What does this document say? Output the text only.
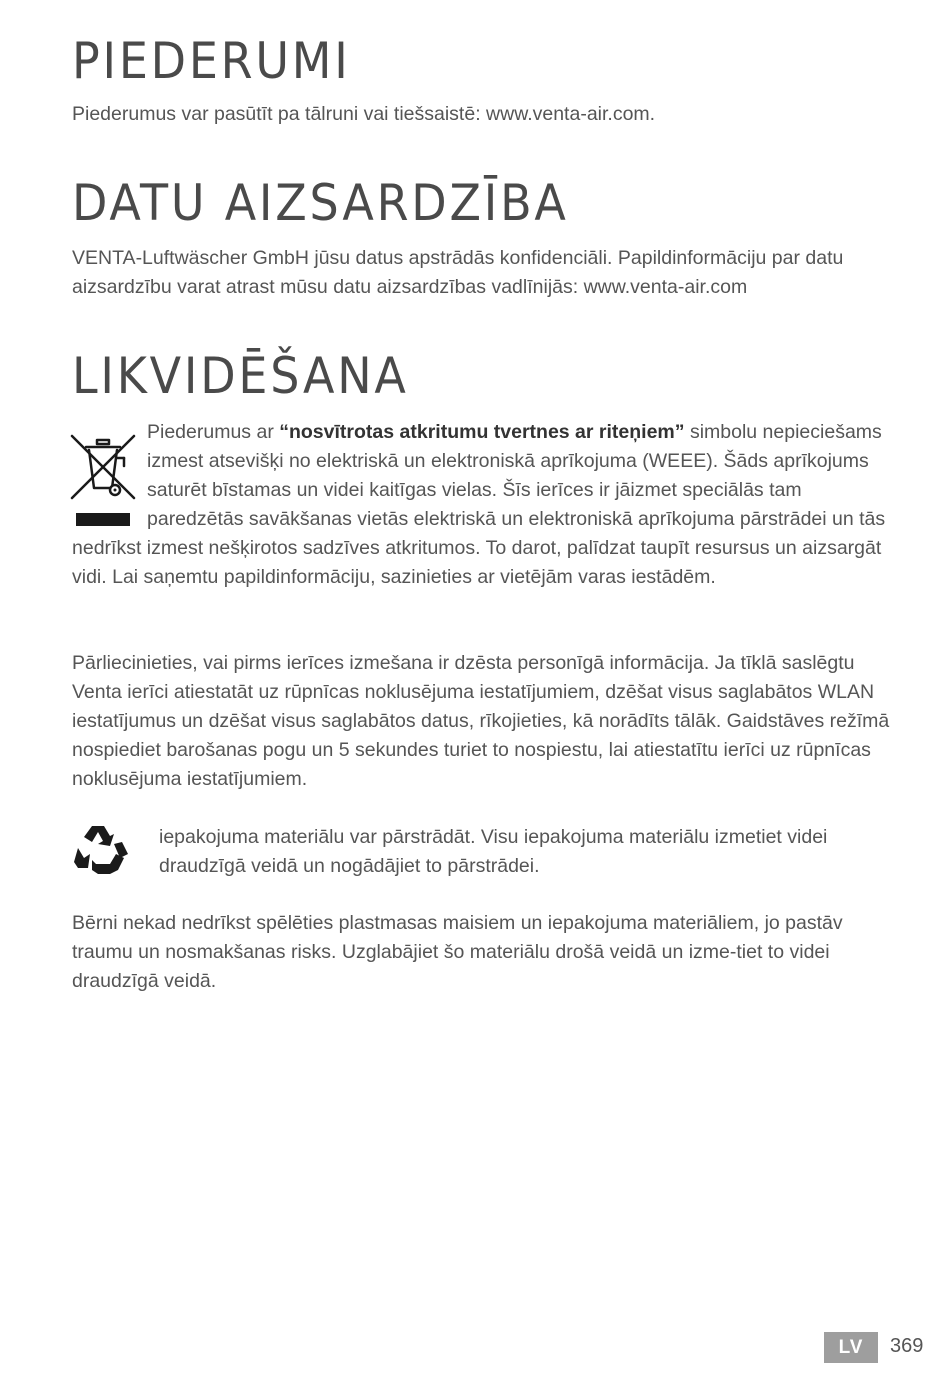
PIEDERUMI

Piederumus var pasūtīt pa tālruni vai tiešsaistē: www.venta-air.com.

DATU AIZSARDZĪBA

VENTA-Luftwäscher GmbH jūsu datus apstrādās konfidenciāli. Papildinformāciju par datu aizsardzību varat atrast mūsu datu aizsardzības vadlīnijās: www.venta-air.com

LIKVIDĒŠANA

Piederumus ar “nosvītrotas atkritumu tvertnes ar riteņiem” simbolu nepieciešams izmest atsevišķi no elektriskā un elektroniskā aprīkojuma (WEEE). Šāds aprīkojums saturēt bīstamas un videi kaitīgas vielas. Šīs ierīces ir jāizmet speciālās tam paredzētās savākšanas vietās elektriskā un elektroniskā aprīkojuma pārstrādei un tās nedrīkst izmest nešķirotos sadzīves atkritumos. To darot, palīdzat taupīt resursus un aizsargāt vidi. Lai saņemtu papildinformāciju, sazinieties ar vietējām varas iestādēm.

Pārliecinieties, vai pirms ierīces izmešana ir dzēsta personīgā informācija. Ja tīklā saslēgtu Venta ierīci atiestatāt uz rūpnīcas noklusējuma iestatījumiem, dzēšat visus saglabātos WLAN iestatījumus un dzēšat visus saglabātos datus, rīkojieties, kā norādīts tālāk. Gaidstāves režīmā nospiediet barošanas pogu un 5 sekundes turiet to nospiestu, lai atiestatītu ierīci uz rūpnīcas noklusējuma iestatījumiem.

iepakojuma materiālu var pārstrādāt. Visu iepakojuma materiālu izmetiet videi draudzīgā veidā un nogādājiet to pārstrādei.

Bērni nekad nedrīkst spēlēties plastmasas maisiem un iepakojuma materiāliem, jo pastāv traumu un nosmakšanas risks. Uzglabājiet šo materiālu drošā veidā un izme-tiet to videi draudzīgā veidā.

LV	369
